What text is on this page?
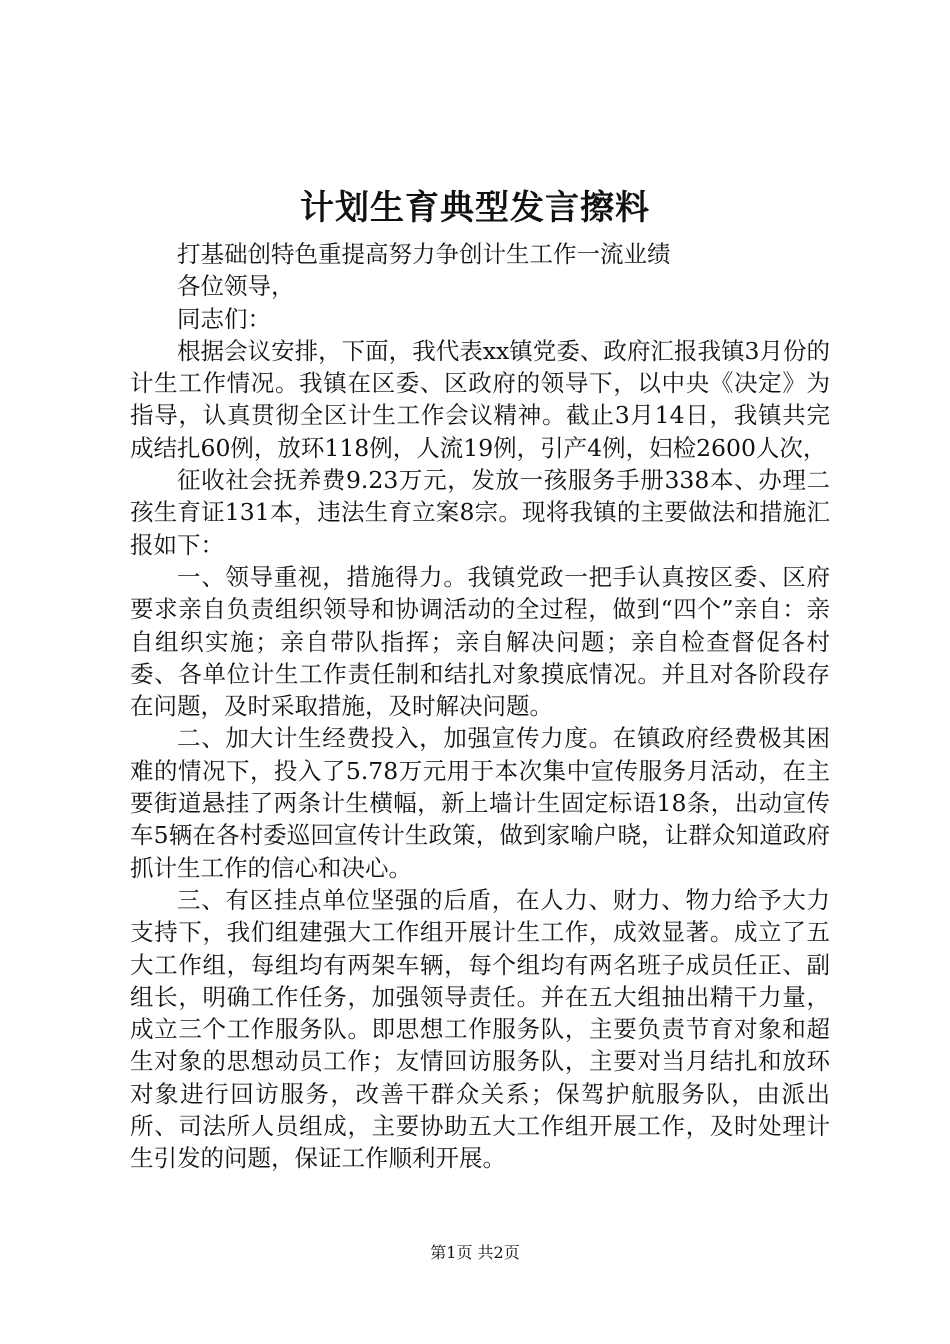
计划生育典型发言擦料

打基础创特色重提高努力争创计生工作一流业绩

各位领导，

同志们：

根据会议安排，下面，我代表xx镇党委、政府汇报我镇3月份的计生工作情况。我镇在区委、区政府的领导下，以中央《决定》为指导，认真贯彻全区计生工作会议精神。截止3月14日，我镇共完成结扎60例，放环118例，人流19例，引产4例，妇检2600人次，

征收社会抚养费9.23万元，发放一孩服务手册338本、办理二孩生育证131本，违法生育立案8宗。现将我镇的主要做法和措施汇报如下：

一、领导重视，措施得力。我镇党政一把手认真按区委、区府要求亲自负责组织领导和协调活动的全过程，做到“四个”亲自：亲自组织实施；亲自带队指挥；亲自解决问题；亲自检查督促各村委、各单位计生工作责任制和结扎对象摸底情况。并且对各阶段存在问题，及时采取措施，及时解决问题。

二、加大计生经费投入，加强宣传力度。在镇政府经费极其困难的情况下，投入了5.78万元用于本次集中宣传服务月活动，在主要街道悬挂了两条计生横幅，新上墙计生固定标语18条，出动宣传车5辆在各村委巡回宣传计生政策，做到家喻户晓，让群众知道政府抓计生工作的信心和决心。

三、有区挂点单位坚强的后盾，在人力、财力、物力给予大力支持下，我们组建强大工作组开展计生工作，成效显著。成立了五大工作组，每组均有两架车辆，每个组均有两名班子成员任正、副组长，明确工作任务，加强领导责任。并在五大组抽出精干力量，成立三个工作服务队。即思想工作服务队，主要负责节育对象和超生对象的思想动员工作；友情回访服务队，主要对当月结扎和放环对象进行回访服务，改善干群众关系；保驾护航服务队，由派出所、司法所人员组成，主要协助五大工作组开展工作，及时处理计生引发的问题，保证工作顺利开展。

第1页 共2页
